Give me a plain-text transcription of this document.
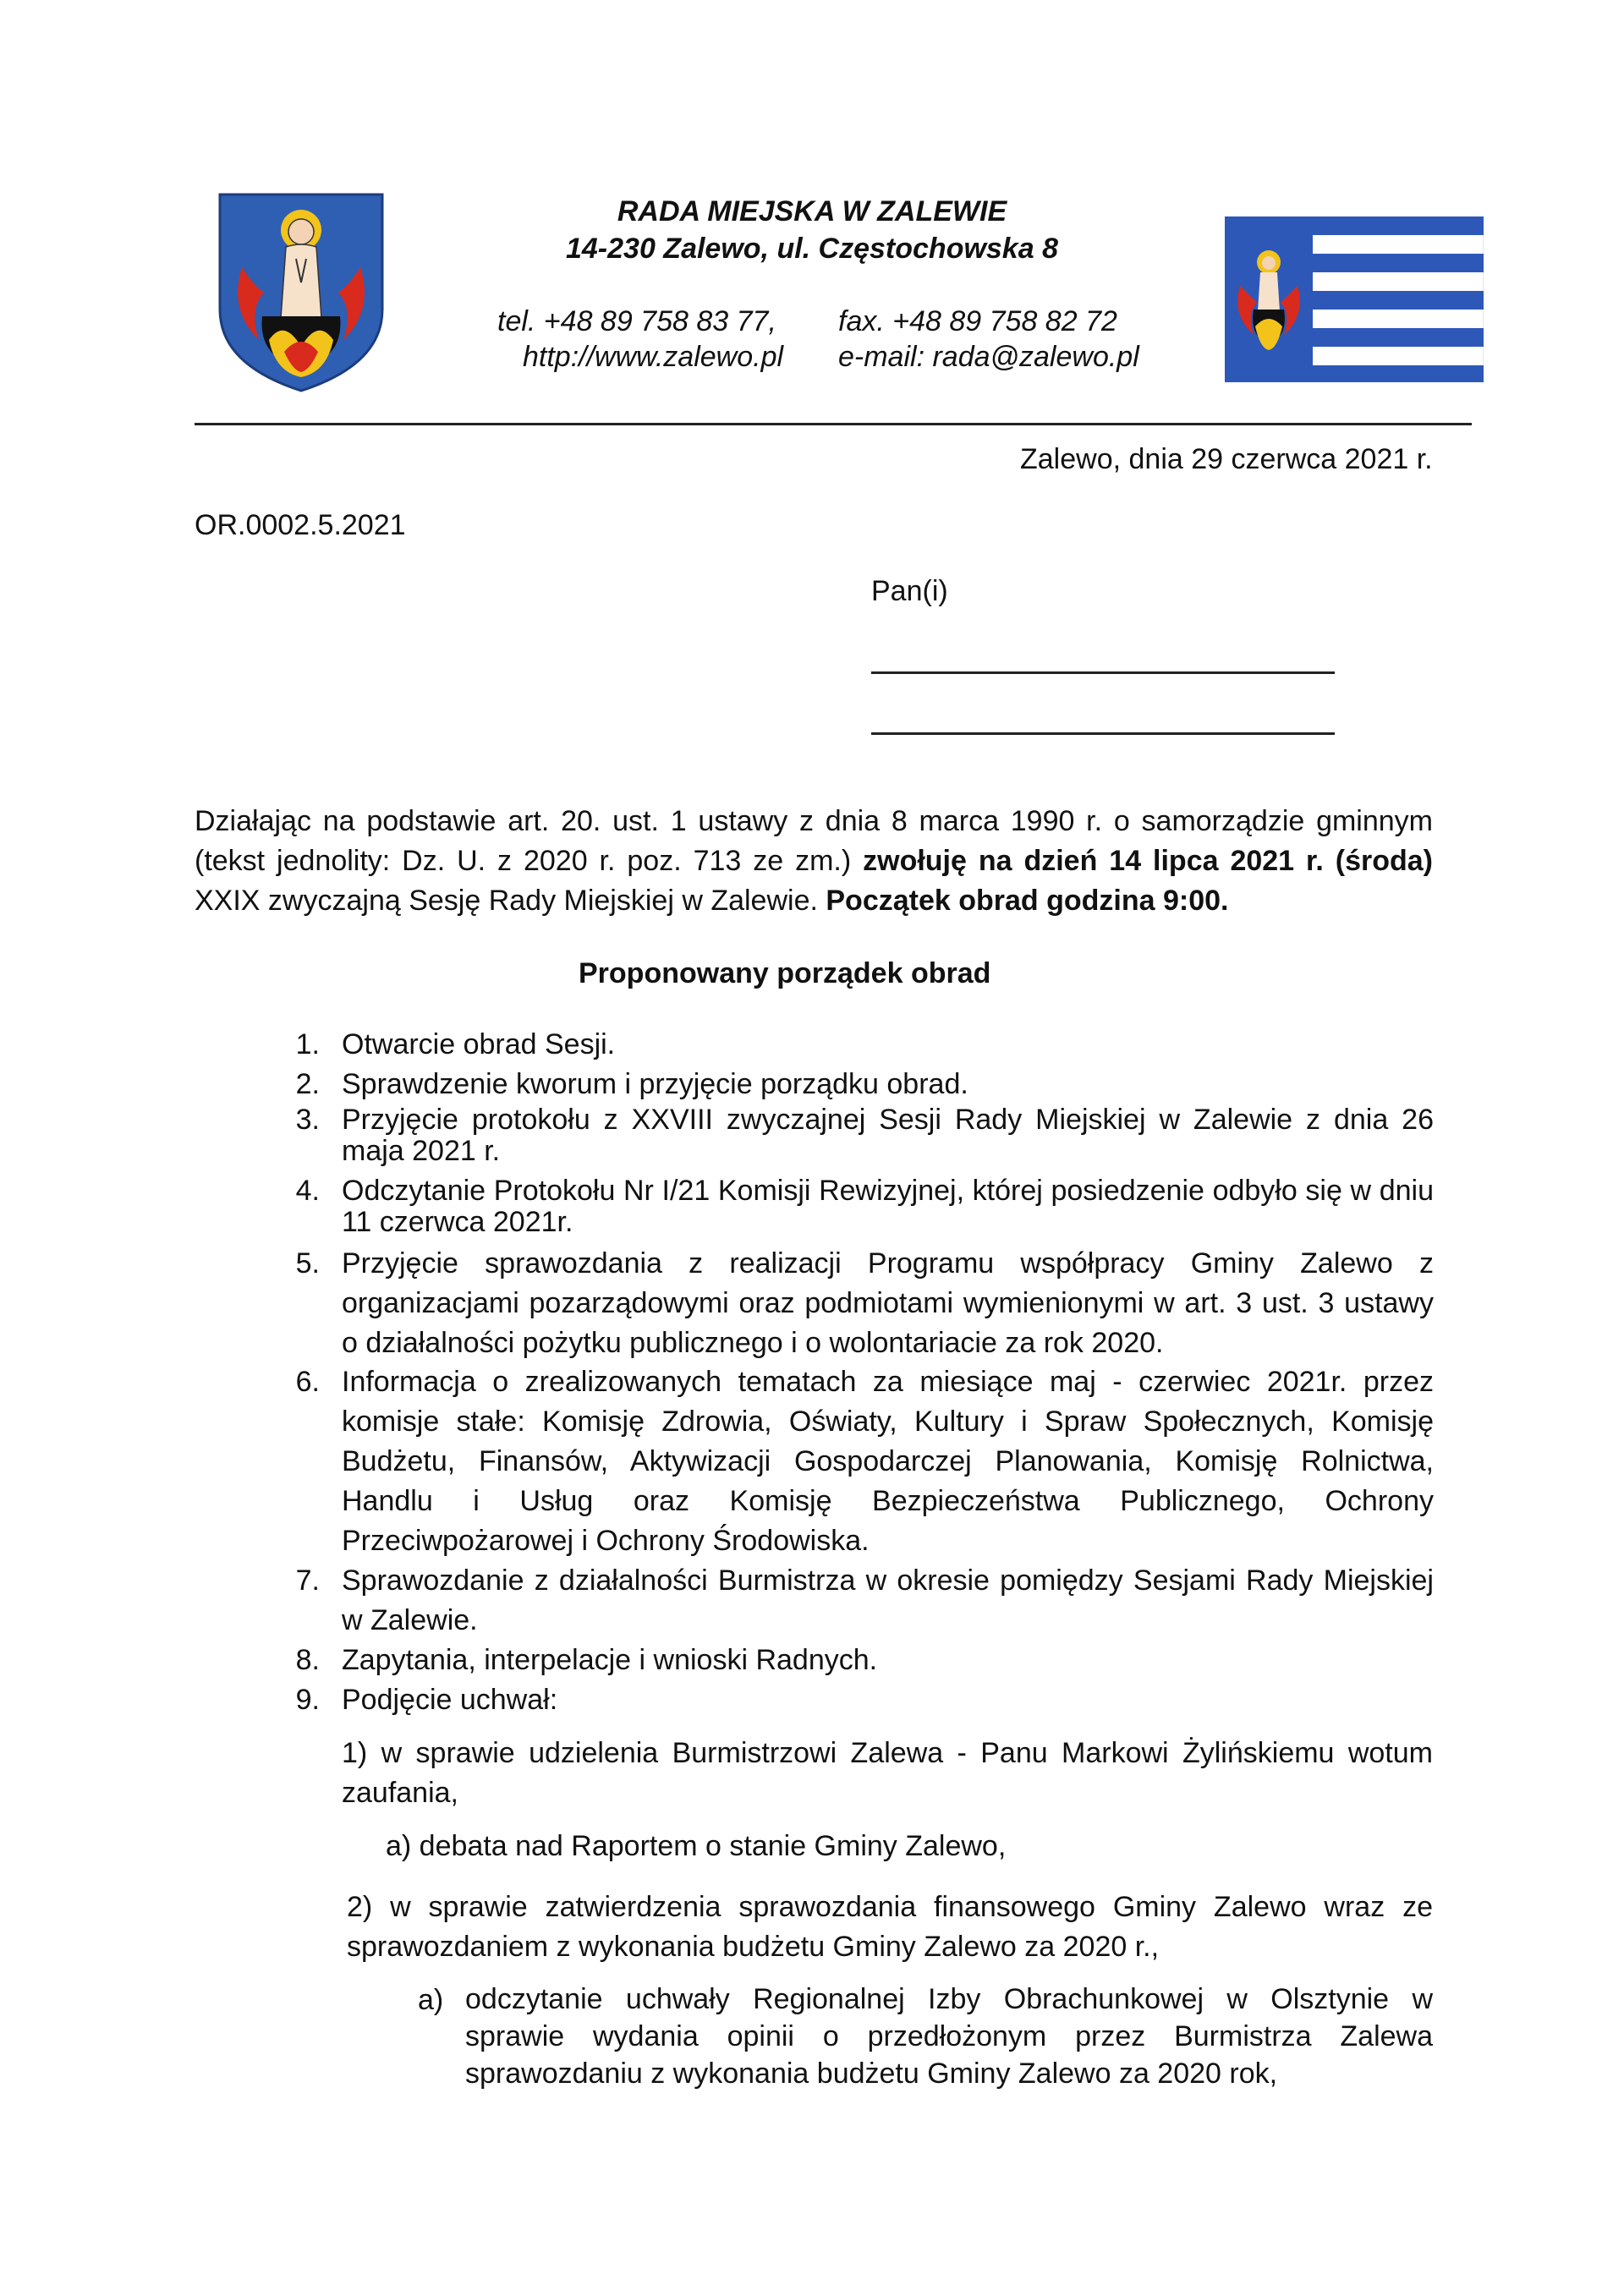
RADA MIEJSKA W ZALEWIE
14-230 Zalewo, ul. Częstochowska 8
tel. +48 89 758 83 77, fax. +48 89 758 82 72
http://www.zalewo.pl e-mail: rada@zalewo.pl
Zalewo, dnia 29 czerwca 2021 r.
OR.0002.5.2021
Pan(i)
Działając na podstawie art. 20. ust. 1 ustawy z dnia 8 marca 1990 r. o samorządzie gminnym (tekst jednolity: Dz. U. z 2020 r. poz. 713 ze zm.) zwołuję na dzień 14 lipca 2021 r. (środa) XXIX zwyczajną Sesję Rady Miejskiej w Zalewie. Początek obrad godzina 9:00.
Proponowany porządek obrad
1. Otwarcie obrad Sesji.
2. Sprawdzenie kworum i przyjęcie porządku obrad.
3. Przyjęcie protokołu z XXVIII zwyczajnej Sesji Rady Miejskiej w Zalewie z dnia 26 maja 2021 r.
4. Odczytanie Protokołu Nr I/21 Komisji Rewizyjnej, której posiedzenie odbyło się w dniu 11 czerwca 2021r.
5. Przyjęcie sprawozdania z realizacji Programu współpracy Gminy Zalewo z organizacjami pozarządowymi oraz podmiotami wymienionymi w art. 3 ust. 3 ustawy o działalności pożytku publicznego i o wolontariacie za rok 2020.
6. Informacja o zrealizowanych tematach za miesiące maj - czerwiec 2021r. przez komisje stałe: Komisję Zdrowia, Oświaty, Kultury i Spraw Społecznych, Komisję Budżetu, Finansów, Aktywizacji Gospodarczej Planowania, Komisję Rolnictwa, Handlu i Usług oraz Komisję Bezpieczeństwa Publicznego, Ochrony Przeciwpożarowej i Ochrony Środowiska.
7. Sprawozdanie z działalności Burmistrza w okresie pomiędzy Sesjami Rady Miejskiej w Zalewie.
8. Zapytania, interpelacje i wnioski Radnych.
9. Podjęcie uchwał:
1) w sprawie udzielenia Burmistrzowi Zalewa - Panu Markowi Żylińskiemu wotum zaufania,
a) debata nad Raportem o stanie Gminy Zalewo,
2) w sprawie zatwierdzenia sprawozdania finansowego Gminy Zalewo wraz ze sprawozdaniem z wykonania budżetu Gminy Zalewo za 2020 r.,
a) odczytanie uchwały Regionalnej Izby Obrachunkowej w Olsztynie w sprawie wydania opinii o przedłożonym przez Burmistrza Zalewa sprawozdaniu z wykonania budżetu Gminy Zalewo za 2020 rok,
